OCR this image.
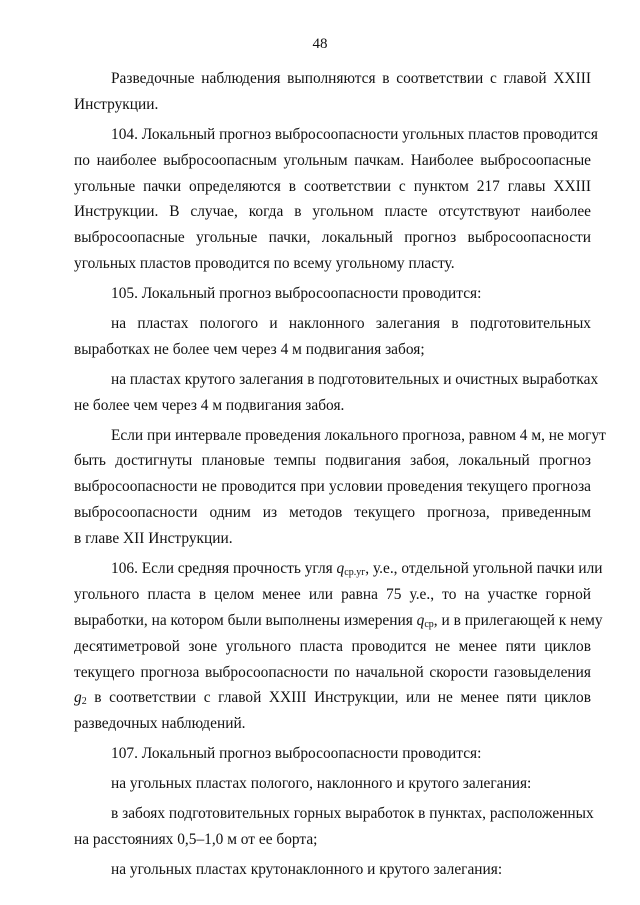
48
Разведочные наблюдения выполняются в соответствии с главой XXIII
Инструкции.
104. Локальный прогноз выбросоопасности угольных пластов проводится
по наиболее выбросоопасным угольным пачкам. Наиболее выбросоопасные
угольные пачки определяются в соответствии с пунктом 217 главы XXIII
Инструкции. В случае, когда в угольном пласте отсутствуют наиболее
выбросоопасные угольные пачки, локальный прогноз выбросоопасности
угольных пластов проводится по всему угольному пласту.
105. Локальный прогноз выбросоопасности проводится:
на пластах пологого и наклонного залегания в подготовительных
выработках не более чем через 4 м подвигания забоя;
на пластах крутого залегания в подготовительных и очистных выработках
не более чем через 4 м подвигания забоя.
Если при интервале проведения локального прогноза, равном 4 м, не могут
быть достигнуты плановые темпы подвигания забоя, локальный прогноз
выбросоопасности не проводится при условии проведения текущего прогноза
выбросоопасности одним из методов текущего прогноза, приведенным
в главе XII Инструкции.
106. Если средняя прочность угля $q_{ср.уг}$, у.е., отдельной угольной пачки или
угольного пласта в целом менее или равна 75 у.е., то на участке горной
выработки, на котором были выполнены измерения $q_{ср}$, и в прилегающей к нему
десятиметровой зоне угольного пласта проводится не менее пяти циклов
текущего прогноза выбросоопасности по начальной скорости газовыделения
$g_2$ в соответствии с главой XXIII Инструкции, или не менее пяти циклов
разведочных наблюдений.
107. Локальный прогноз выбросоопасности проводится:
на угольных пластах пологого, наклонного и крутого залегания:
в забоях подготовительных горных выработок в пунктах, расположенных
на расстояниях 0,5–1,0 м от ее борта;
на угольных пластах крутонаклонного и крутого залегания:
